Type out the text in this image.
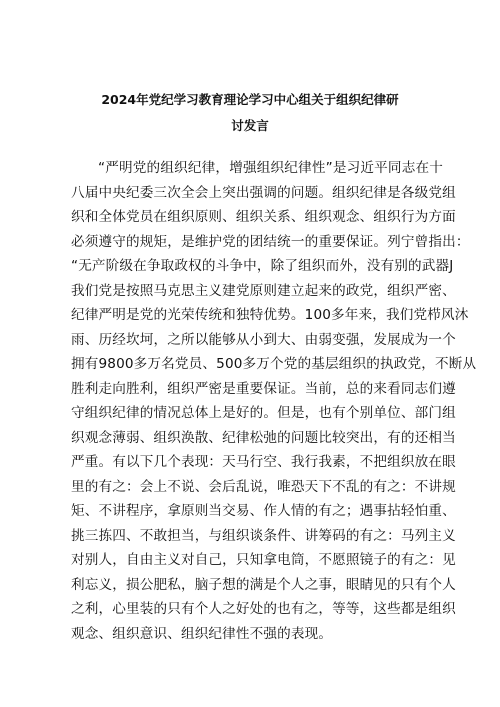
2024年党纪学习教育理论学习中心组关于组织纪律研
讨发言
“严明党的组织纪律，增强组织纪律性”是习近平同志在十
八届中央纪委三次全会上突出强调的问题。组织纪律是各级党组
织和全体党员在组织原则、组织关系、组织观念、组织行为方面
必须遵守的规矩，是维护党的团结统一的重要保证。列宁曾指出：
“无产阶级在争取政权的斗争中，除了组织而外，没有别的武器J
我们党是按照马克思主义建党原则建立起来的政党，组织严密、
纪律严明是党的光荣传统和独特优势。100多年来，我们党栉风沐
雨、历经坎坷，之所以能够从小到大、由弱变强，发展成为一个
拥有9800多万名党员、500多万个党的基层组织的执政党，不断从
胜利走向胜利，组织严密是重要保证。当前，总的来看同志们遵
守组织纪律的情况总体上是好的。但是，也有个别单位、部门组
织观念薄弱、组织涣散、纪律松弛的问题比较突出，有的还相当
严重。有以下几个表现：天马行空、我行我素，不把组织放在眼
里的有之：会上不说、会后乱说，唯恐天下不乱的有之：不讲规
矩、不讲程序，拿原则当交易、作人情的有之；遇事拈轻怕重、
挑三拣四、不敢担当，与组织谈条件、讲筹码的有之：马列主义
对别人，自由主义对自己，只知拿电筒，不愿照镜子的有之：见
利忘义，损公肥私，脑子想的满是个人之事，眼睛见的只有个人
之利，心里装的只有个人之好处的也有之，等等，这些都是组织
观念、组织意识、组织纪律性不强的表现。
